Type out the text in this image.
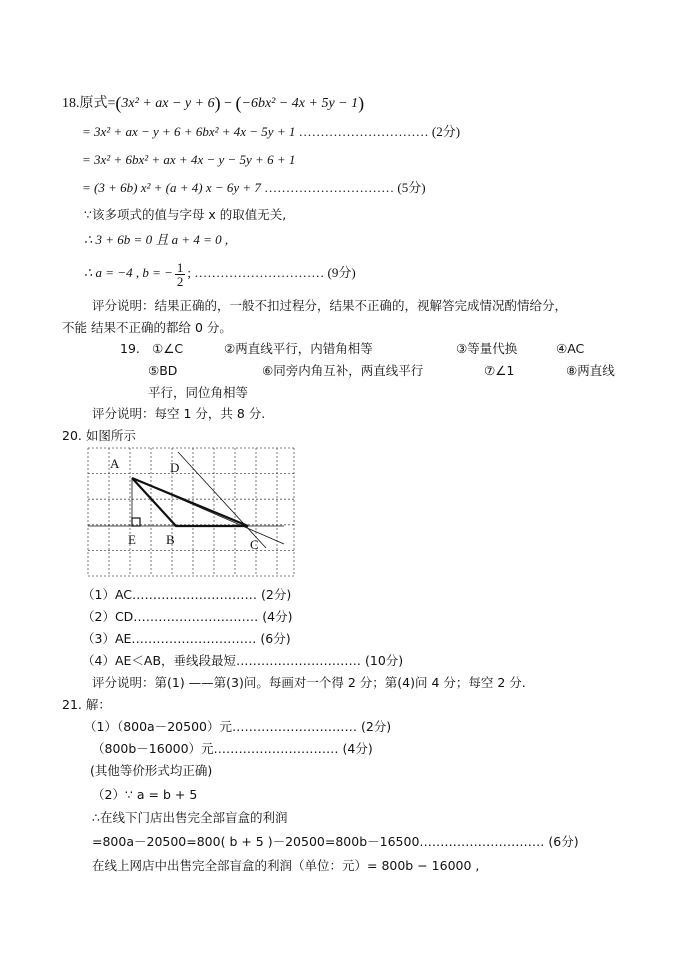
18.原式=(3x² + ax − y + 6) − (−6bx² − 4x + 5y − 1)
= 3x² + ax − y + 6 + 6bx² + 4x − 5y + 1 ………………………… (2分)
= 3x² + 6bx² + ax + 4x − y − 5y + 6 + 1
= (3 + 6b) x² + (a + 4) x − 6y + 7 ………………………… (5分)
∵该多项式的值与字母 x 的取值无关,
∴ 3 + 6b = 0 且 a + 4 = 0 ,
∴ a = −4 , b = − $\frac{1}{2}$ ; ………………………… (9分)
评分说明：结果正确的，一般不扣过程分，结果不正确的，视解答完成情况酌情给分，
不能 结果不正确的都给 0 分。
19. ①∠C	②两直线平行，内错角相等	③等量代换	④AC
⑤BD	⑥同旁内角互补，两直线平行	⑦∠1	⑧两直线
平行，同位角相等
评分说明：每空 1 分，共 8 分.
20. 如图所示
A	D
E B	C
（1）AC………………………… (2分)
（2）CD………………………… (4分)
（3）AE………………………… (6分)
（4）AE＜AB，垂线段最短………………………… (10分)
评分说明：第(1) ——第(3)问。每画对一个得 2 分；第(4)问 4 分；每空 2 分.
21. 解：
（1）（800a－20500）元………………………… (2分)
（800b－16000）元………………………… (4分)
(其他等价形式均正确)
（2）∵ a = b + 5
∴在线下门店出售完全部盲盒的利润
=800a－20500=800( b + 5 )－20500=800b－16500………………………… (6分)
在线上网店中出售完全部盲盒的利润（单位：元）= 800b − 16000 ,
